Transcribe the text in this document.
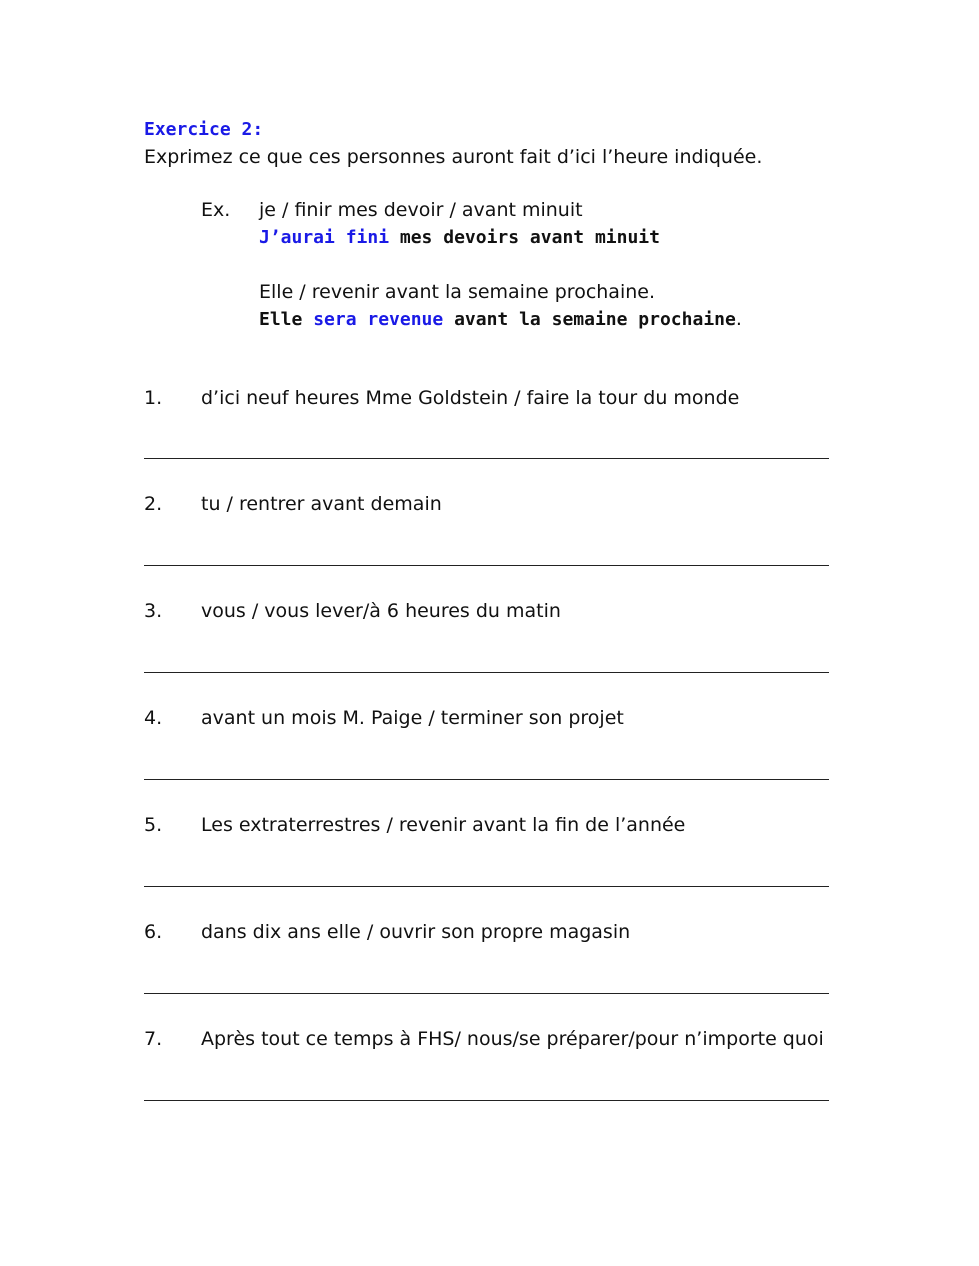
Exercice 2:

Exprimez ce que ces personnes auront fait d’ici l’heure indiquée.

Ex. je / finir mes devoir / avant minuit
J’aurai fini mes devoirs avant minuit
Elle / revenir avant la semaine prochaine.
Elle sera revenue avant la semaine prochaine.
1. d’ici neuf heures Mme Goldstein / faire la tour du monde
2. tu / rentrer avant demain
3. vous / vous lever/à 6 heures du matin
4. avant un mois M. Paige / terminer son projet
5. Les extraterrestres / revenir avant la fin de l’année
6. dans dix ans elle / ouvrir son propre magasin
7. Après tout ce temps à FHS/ nous/se préparer/pour n’importe quoi
